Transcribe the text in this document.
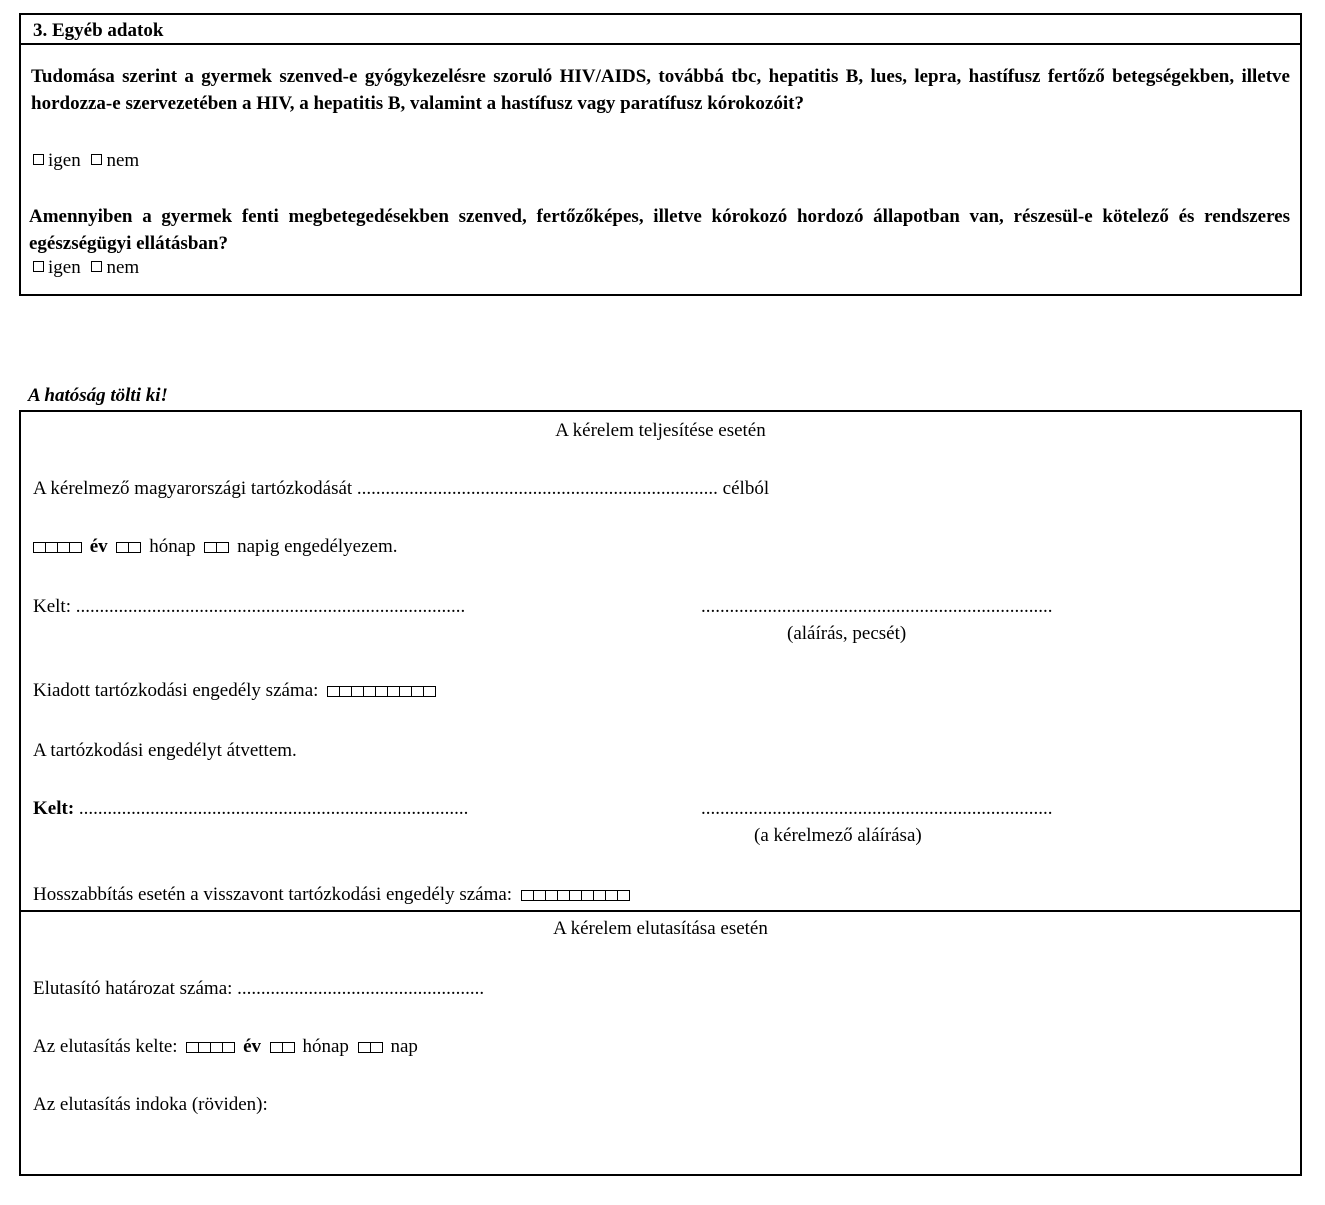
3. Egyéb adatok

Tudomása szerint a gyermek szenved-e gyógykezelésre szoruló HIV/AIDS, továbbá tbc, hepatitis B, lues, lepra, hastífusz fertőző betegségekben, illetve hordozza-e szervezetében a HIV, a hepatitis B, valamint a hastífusz vagy paratífusz kórokozóit?

igen nem

Amennyiben a gyermek fenti megbetegedésekben szenved, fertőzőképes, illetve kórokozó hordozó állapotban van, részesül-e kötelező és rendszeres egészségügyi ellátásban?

igen nem
A hatóság tölti ki!
A kérelem teljesítése esetén
A kérelmező magyarországi tartózkodását ............................................................................ célból
év hónap napig engedélyezem.
Kelt: ..................................................................................	..........................................................................
(aláírás, pecsét)
Kiadott tartózkodási engedély száma:
A tartózkodási engedélyt átvettem.
Kelt: ..................................................................................	..........................................................................
(a kérelmező aláírása)
Hosszabbítás esetén a visszavont tartózkodási engedély száma:
A kérelem elutasítása esetén
Elutasító határozat száma: ....................................................
Az elutasítás kelte:	év hónap nap
Az elutasítás indoka (röviden):
